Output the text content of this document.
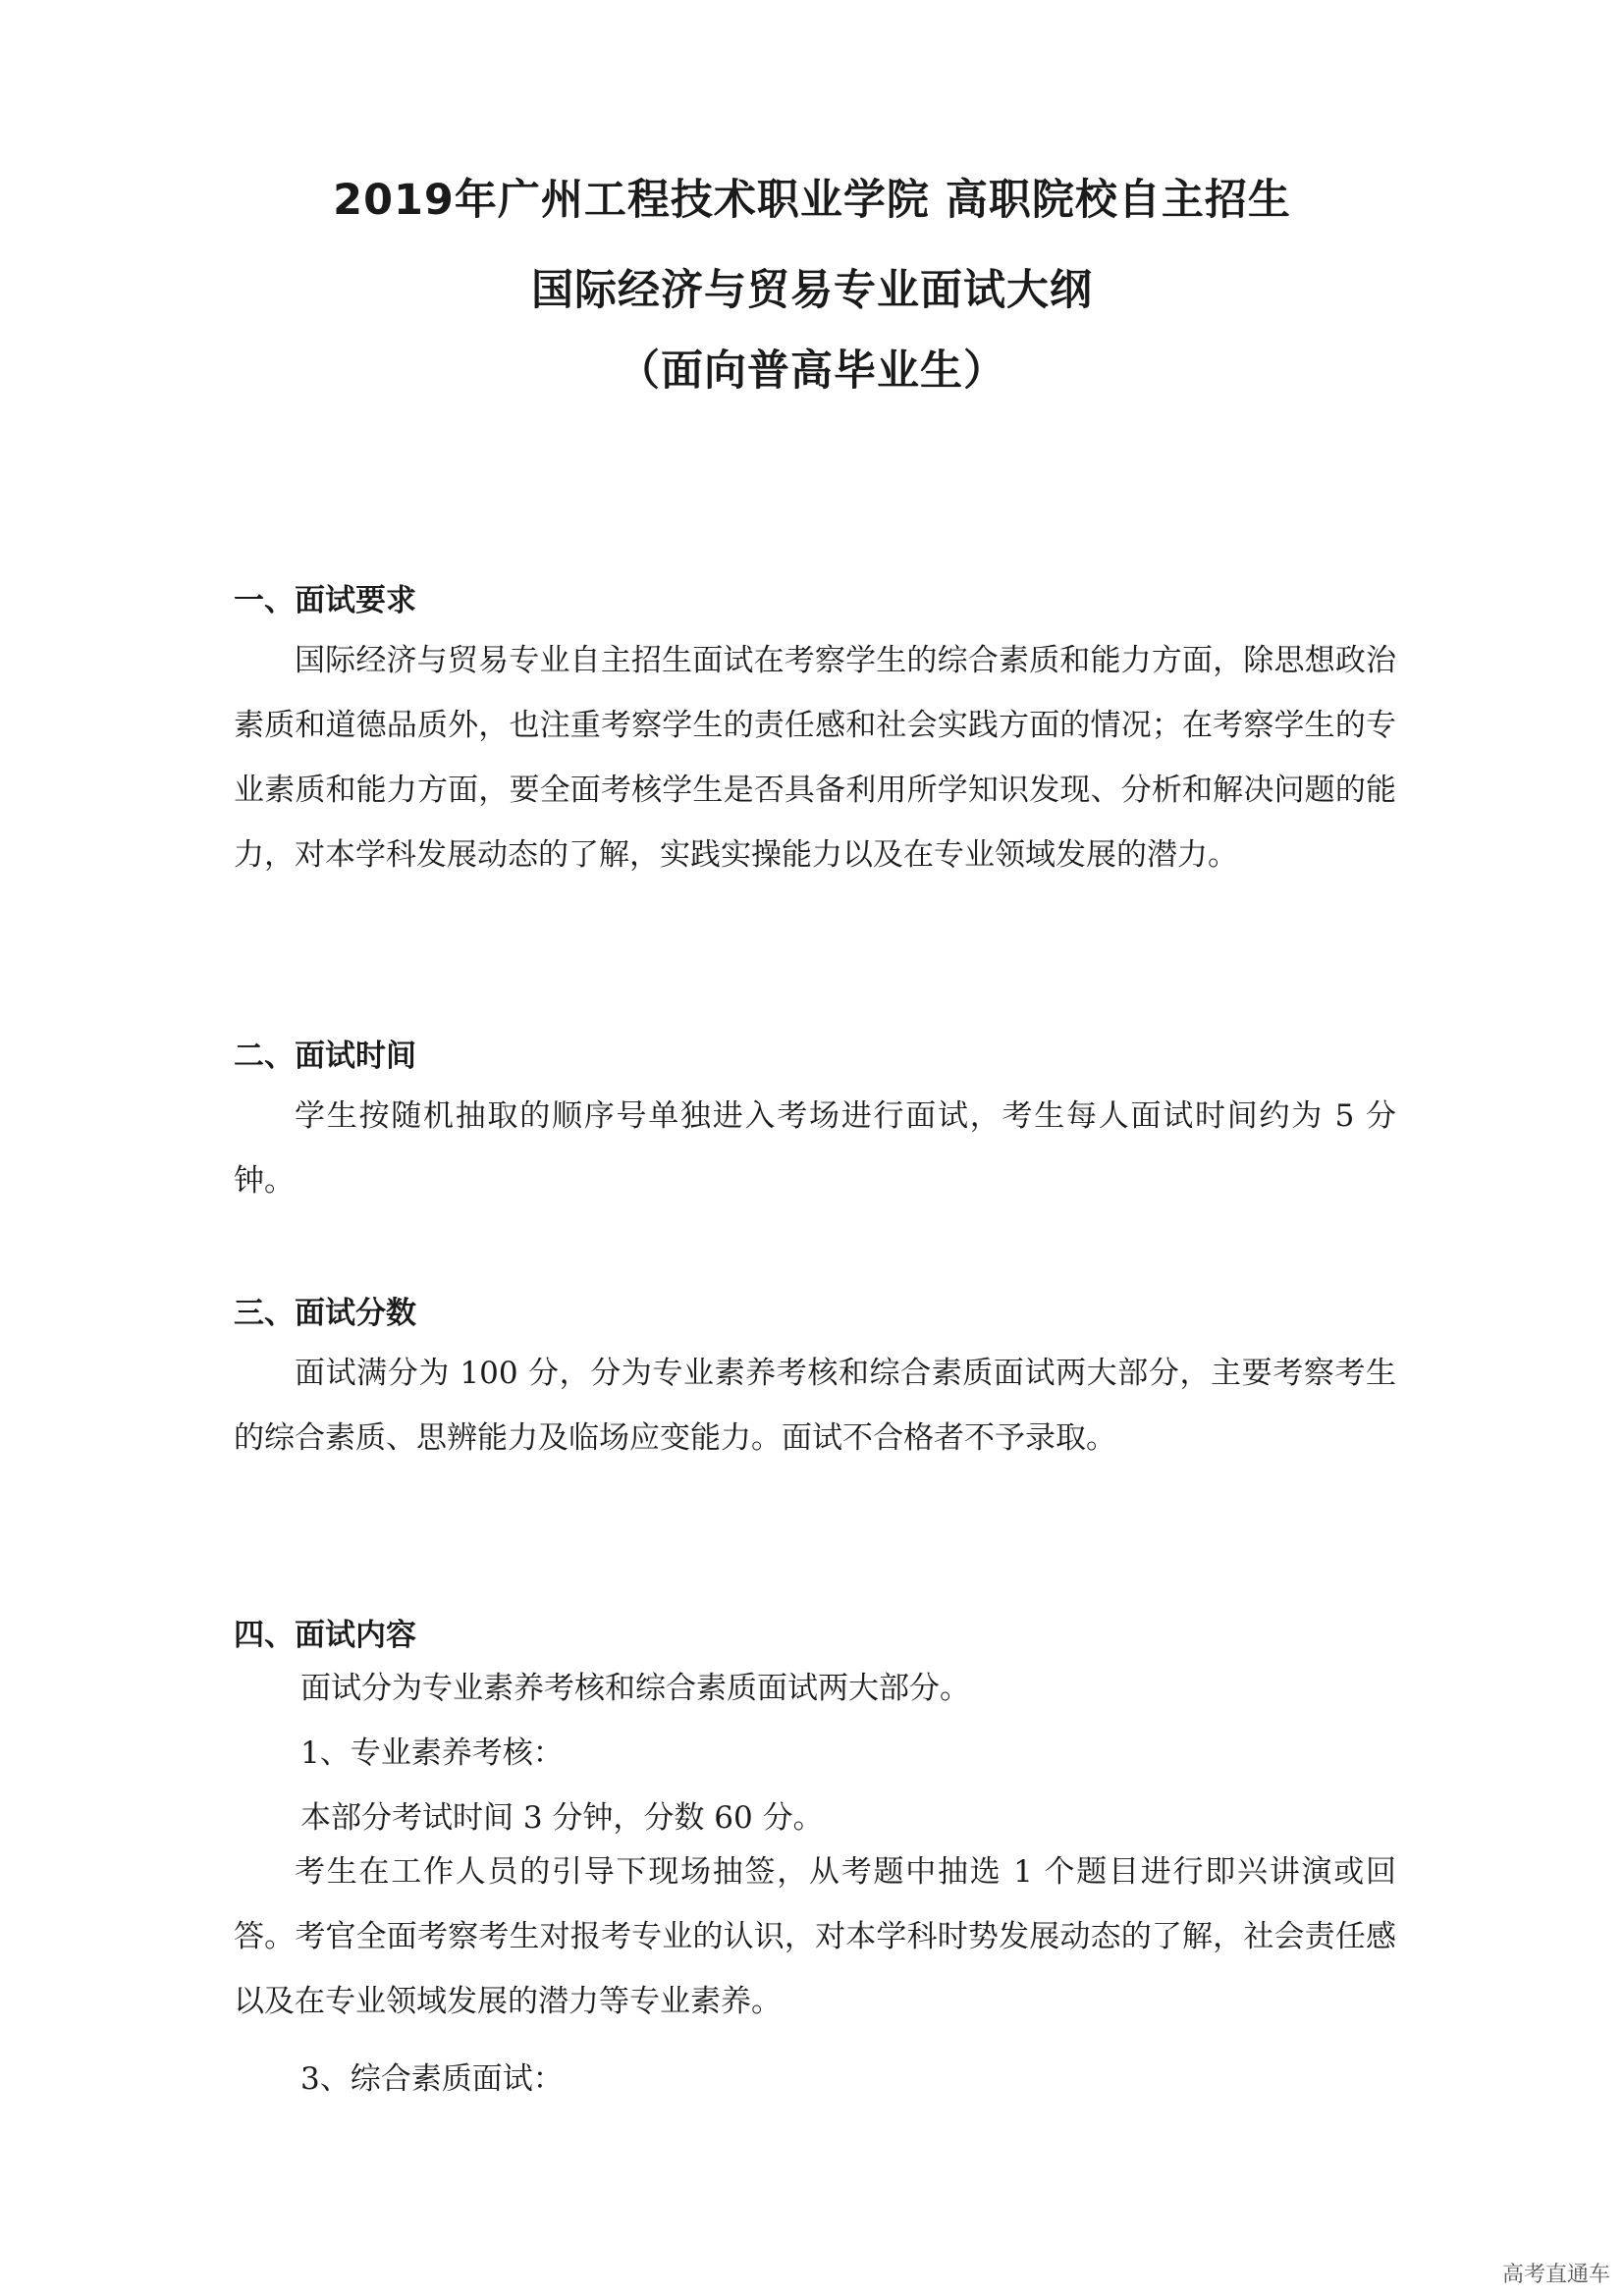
2019年广州工程技术职业学院 高职院校自主招生
国际经济与贸易专业面试大纲
（面向普高毕业生）
一、面试要求

国际经济与贸易专业自主招生面试在考察学生的综合素质和能力方面，除思想政治素质和道德品质外，也注重考察学生的责任感和社会实践方面的情况；在考察学生的专业素质和能力方面，要全面考核学生是否具备利用所学知识发现、分析和解决问题的能力，对本学科发展动态的了解，实践实操能力以及在专业领域发展的潜力。

二、面试时间

学生按随机抽取的顺序号单独进入考场进行面试，考生每人面试时间约为 5 分钟。

三、面试分数

面试满分为 100 分，分为专业素养考核和综合素质面试两大部分，主要考察考生的综合素质、思辨能力及临场应变能力。面试不合格者不予录取。

四、面试内容

面试分为专业素养考核和综合素质面试两大部分。

1、专业素养考核：

本部分考试时间 3 分钟，分数 60 分。

考生在工作人员的引导下现场抽签，从考题中抽选 1 个题目进行即兴讲演或回答。考官全面考察考生对报考专业的认识，对本学科时势发展动态的了解，社会责任感以及在专业领域发展的潜力等专业素养。

3、综合素质面试：

高考直通车
